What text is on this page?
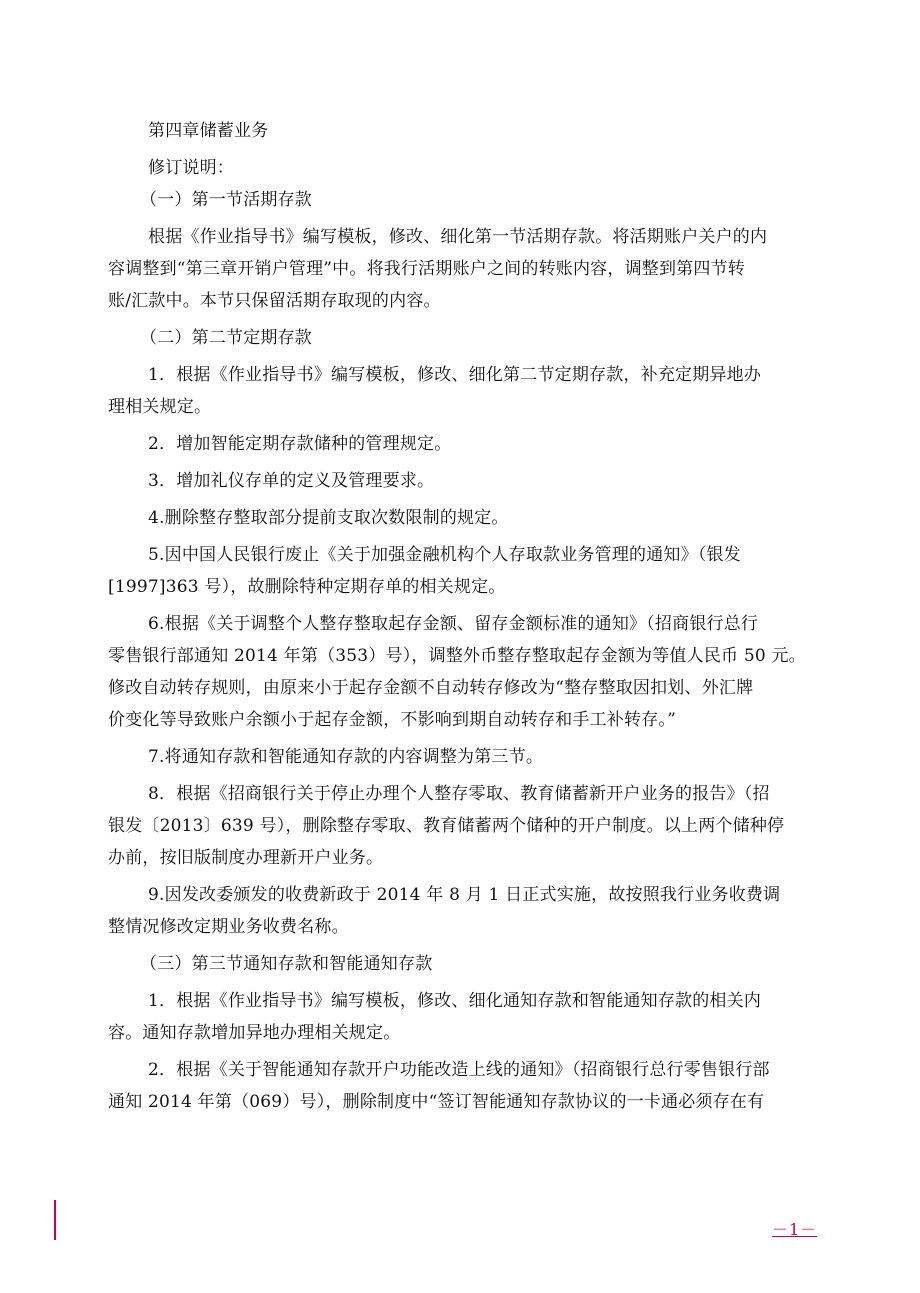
第四章储蓄业务

修订说明：

（一）第一节活期存款

根据《作业指导书》编写模板，修改、细化第一节活期存款。将活期账户关户的内

容调整到“第三章开销户管理”中。将我行活期账户之间的转账内容，调整到第四节转

账/汇款中。本节只保留活期存取现的内容。

（二）第二节定期存款

1．根据《作业指导书》编写模板，修改、细化第二节定期存款，补充定期异地办

理相关规定。

2．增加智能定期存款储种的管理规定。

3．增加礼仪存单的定义及管理要求。

4.删除整存整取部分提前支取次数限制的规定。

5.因中国人民银行废止《关于加强金融机构个人存取款业务管理的通知》（银发

[1997]363 号），故删除特种定期存单的相关规定。

6.根据《关于调整个人整存整取起存金额、留存金额标准的通知》（招商银行总行

零售银行部通知 2014 年第（353）号），调整外币整存整取起存金额为等值人民币 50 元。

修改自动转存规则，由原来小于起存金额不自动转存修改为“整存整取因扣划、外汇牌

价变化等导致账户余额小于起存金额，不影响到期自动转存和手工补转存。”

7.将通知存款和智能通知存款的内容调整为第三节。

8．根据《招商银行关于停止办理个人整存零取、教育储蓄新开户业务的报告》（招

银发〔2013〕639 号），删除整存零取、教育储蓄两个储种的开户制度。以上两个储种停

办前，按旧版制度办理新开户业务。

9.因发改委颁发的收费新政于 2014 年 8 月 1 日正式实施，故按照我行业务收费调

整情况修改定期业务收费名称。

（三）第三节通知存款和智能通知存款

1．根据《作业指导书》编写模板，修改、细化通知存款和智能通知存款的相关内

容。通知存款增加异地办理相关规定。

2．根据《关于智能通知存款开户功能改造上线的通知》（招商银行总行零售银行部

通知 2014 年第（069）号），删除制度中“签订智能通知存款协议的一卡通必须存在有

－1－
